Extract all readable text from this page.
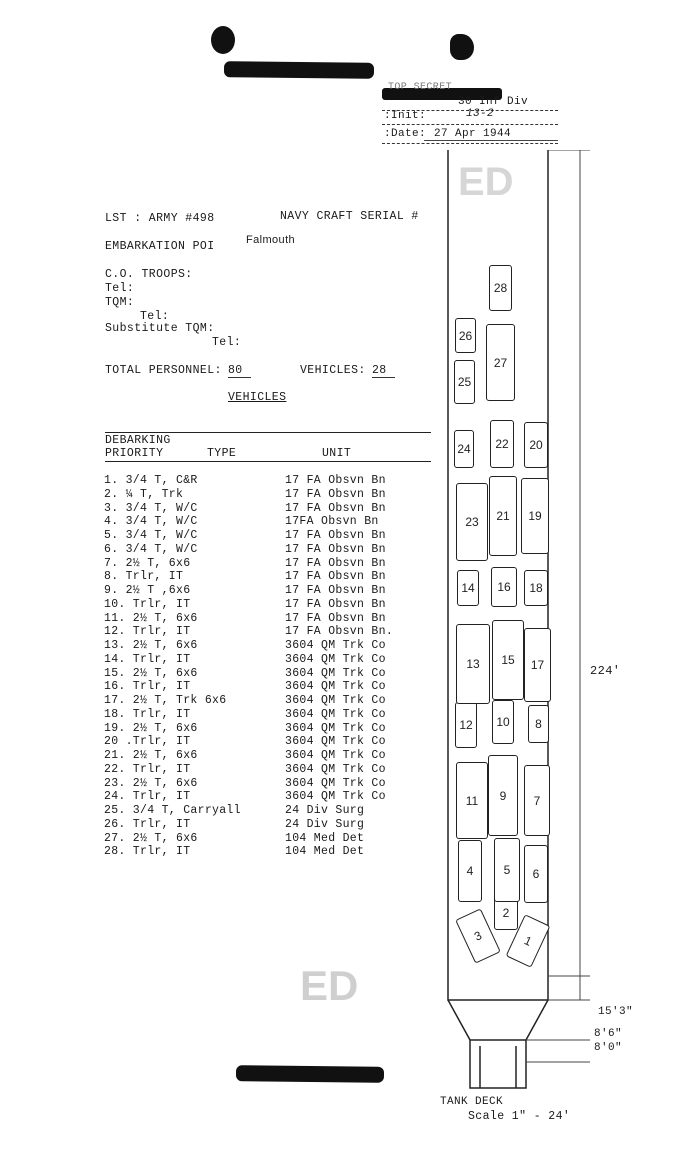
TOP SECRET
30 Inf Div
:Init:	13-2
:Date: 27 Apr 1944
LST : ARMY #498	NAVY CRAFT SERIAL #
EMBARKATION POI	Falmouth
C.O. TROOPS:
Tel:
TQM:
Tel:
Substitute TQM:
Tel:
TOTAL PERSONNEL: 80	VEHICLES: 28
VEHICLES
DEBARKING
PRIORITY	TYPE	UNIT
1. 3/4 T, C&R	17 FA Obsvn Bn
2. ¼ T, Trk	17 FA Obsvn Bn
3. 3/4 T, W/C	17 FA Obsvn Bn
4. 3/4 T, W/C	17FA Obsvn Bn
5. 3/4 T, W/C	17 FA Obsvn Bn
6. 3/4 T, W/C	17 FA Obsvn Bn
7. 2½ T, 6x6	17 FA Obsvn Bn
8. Trlr, IT	17 FA Obsvn Bn
9. 2½ T ,6x6	17 FA Obsvn Bn
10. Trlr, IT	17 FA Obsvn Bn
11. 2½ T, 6x6	17 FA Obsvn Bn
12. Trlr, IT	17 FA Obsvn Bn.
13. 2½ T, 6x6	3604 QM Trk Co
14. Trlr, IT	3604 QM Trk Co
15. 2½ T, 6x6	3604 QM Trk Co
16. Trlr, IT	3604 QM Trk Co
17. 2½ T, Trk 6x6	3604 QM Trk Co
18. Trlr, IT	3604 QM Trk Co
19. 2½ T, 6x6	3604 QM Trk Co
20 .Trlr, IT	3604 QM Trk Co
21. 2½ T, 6x6	3604 QM Trk Co
22. Trlr, IT	3604 QM Trk Co
23. 2½ T, 6x6	3604 QM Trk Co
24. Trlr, IT	3604 QM Trk Co
25. 3/4 T, Carryall	24 Div Surg
26. Trlr, IT	24 Div Surg
27. 2½ T, 6x6	104 Med Det
28. Trlr, IT	104 Med Det
ED
ED
1
2
3
4	5	6
7
8
9
10
11
12
13
14
15
16
17
18
19
20
21
22
23
24
25
26
27
28
224'
15'3"
8'6"
8'0"
TANK DECK
Scale 1" - 24'
